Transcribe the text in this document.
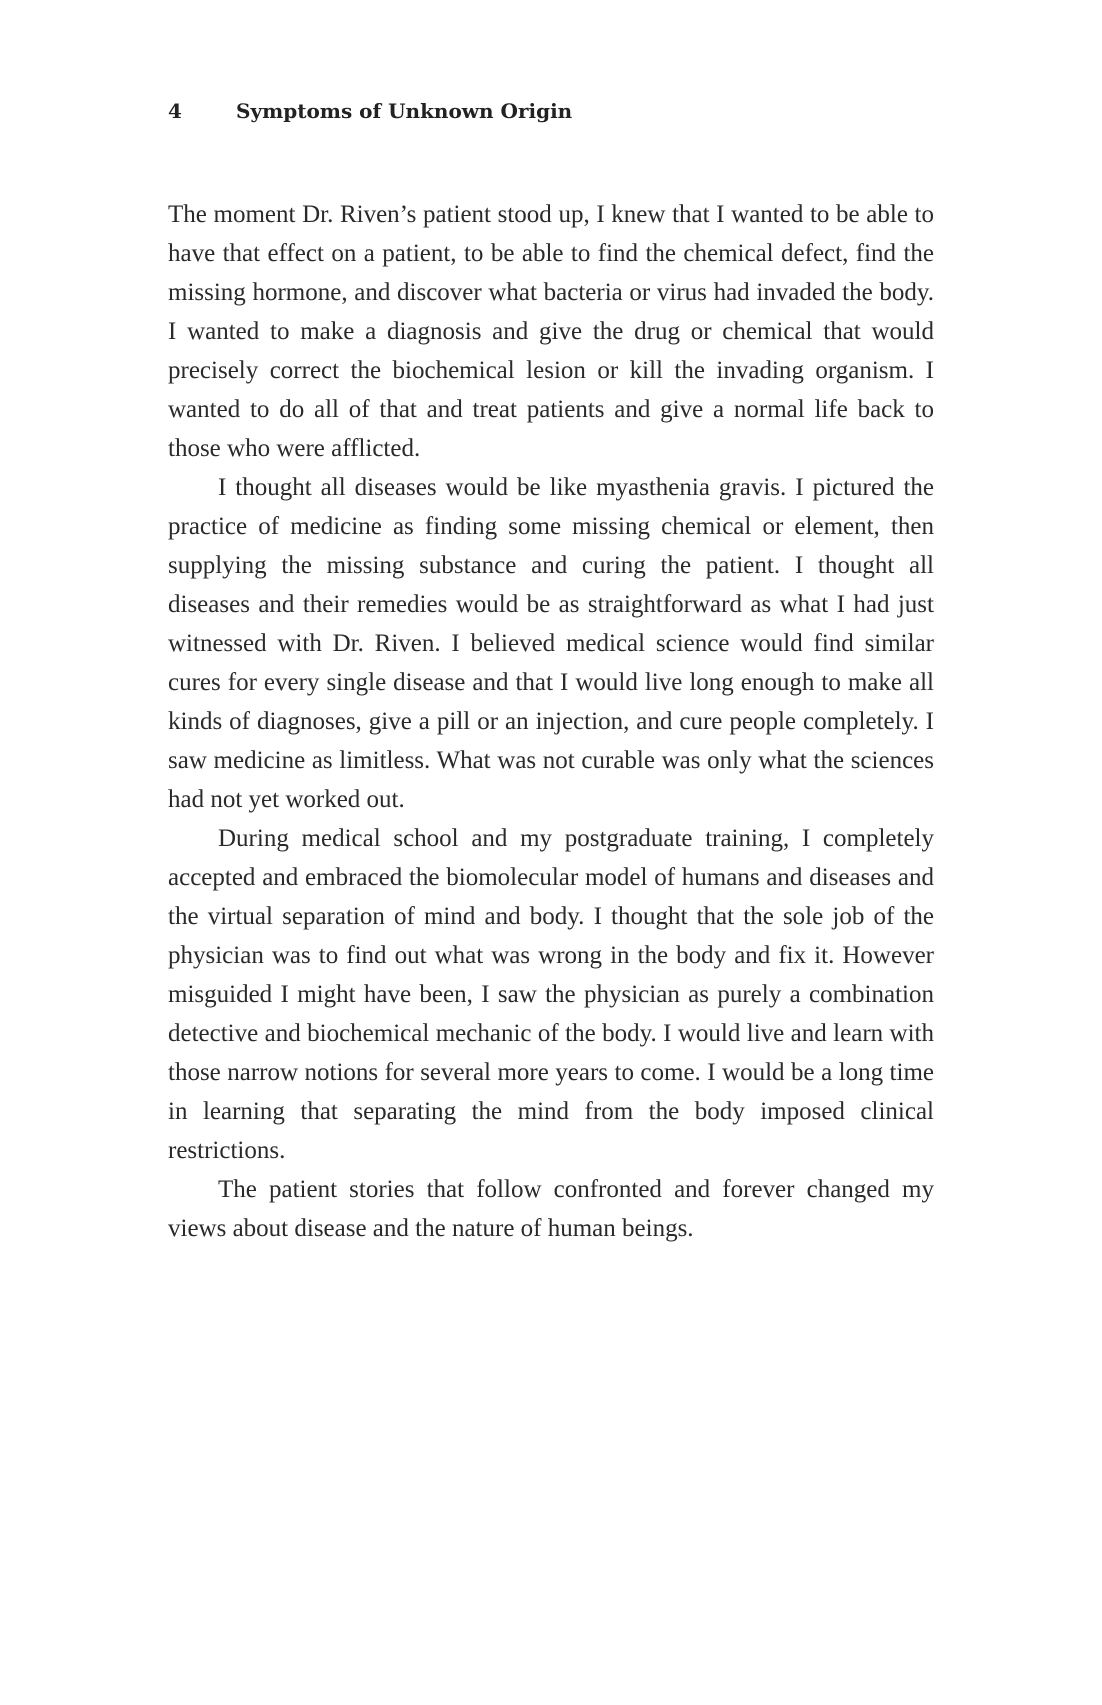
4	Symptoms of Unknown Origin

The moment Dr. Riven’s patient stood up, I knew that I wanted to be able to have that effect on a patient, to be able to find the chemical defect, find the missing hormone, and discover what bacteria or virus had invaded the body. I wanted to make a diagnosis and give the drug or chemical that would precisely correct the biochemical lesion or kill the invading organism. I wanted to do all of that and treat patients and give a normal life back to those who were afflicted.

I thought all diseases would be like myasthenia gravis. I pictured the practice of medicine as finding some missing chemical or element, then supplying the missing substance and curing the patient. I thought all diseases and their remedies would be as straightforward as what I had just witnessed with Dr. Riven. I believed medical science would find similar cures for every single disease and that I would live long enough to make all kinds of diagnoses, give a pill or an injection, and cure people completely. I saw medicine as limitless. What was not curable was only what the sciences had not yet worked out.

During medical school and my postgraduate training, I completely accepted and embraced the biomolecular model of humans and diseases and the virtual separation of mind and body. I thought that the sole job of the physician was to find out what was wrong in the body and fix it. However misguided I might have been, I saw the physician as purely a combination detective and biochemical mechanic of the body. I would live and learn with those narrow notions for several more years to come. I would be a long time in learning that separating the mind from the body imposed clinical restrictions.

The patient stories that follow confronted and forever changed my views about disease and the nature of human beings.
